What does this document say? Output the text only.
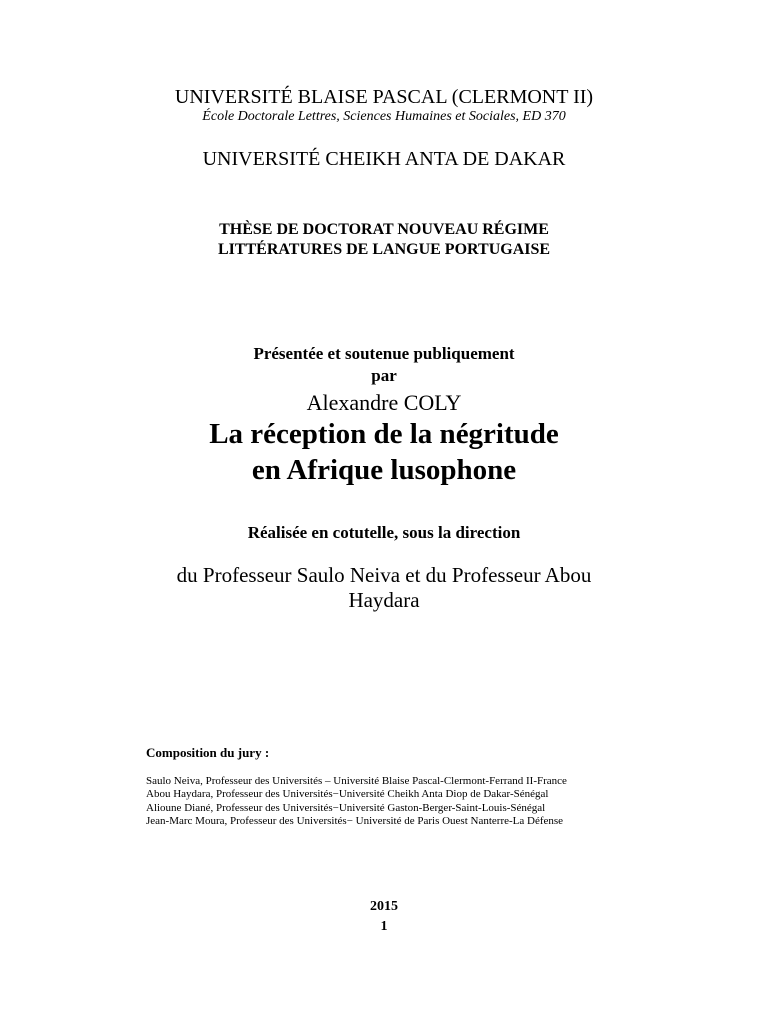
UNIVERSITÉ BLAISE PASCAL (CLERMONT II)
École Doctorale Lettres, Sciences Humaines et Sociales, ED 370
UNIVERSITÉ CHEIKH ANTA DE DAKAR
THÈSE DE DOCTORAT NOUVEAU RÉGIME
LITTÉRATURES DE LANGUE PORTUGAISE
Présentée et soutenue publiquement
par
Alexandre COLY
La réception de la négritude
en Afrique lusophone
Réalisée en cotutelle, sous la direction
du Professeur Saulo Neiva et du Professeur Abou
Haydara
Composition du jury :
Saulo Neiva, Professeur des Universités – Université Blaise Pascal-Clermont-Ferrand II-France
Abou Haydara, Professeur des Universités−Université Cheikh Anta Diop de Dakar-Sénégal
Alioune Diané, Professeur des Universités−Université Gaston-Berger-Saint-Louis-Sénégal
Jean-Marc Moura, Professeur des Universités− Université de Paris Ouest Nanterre-La Défense
2015
1
